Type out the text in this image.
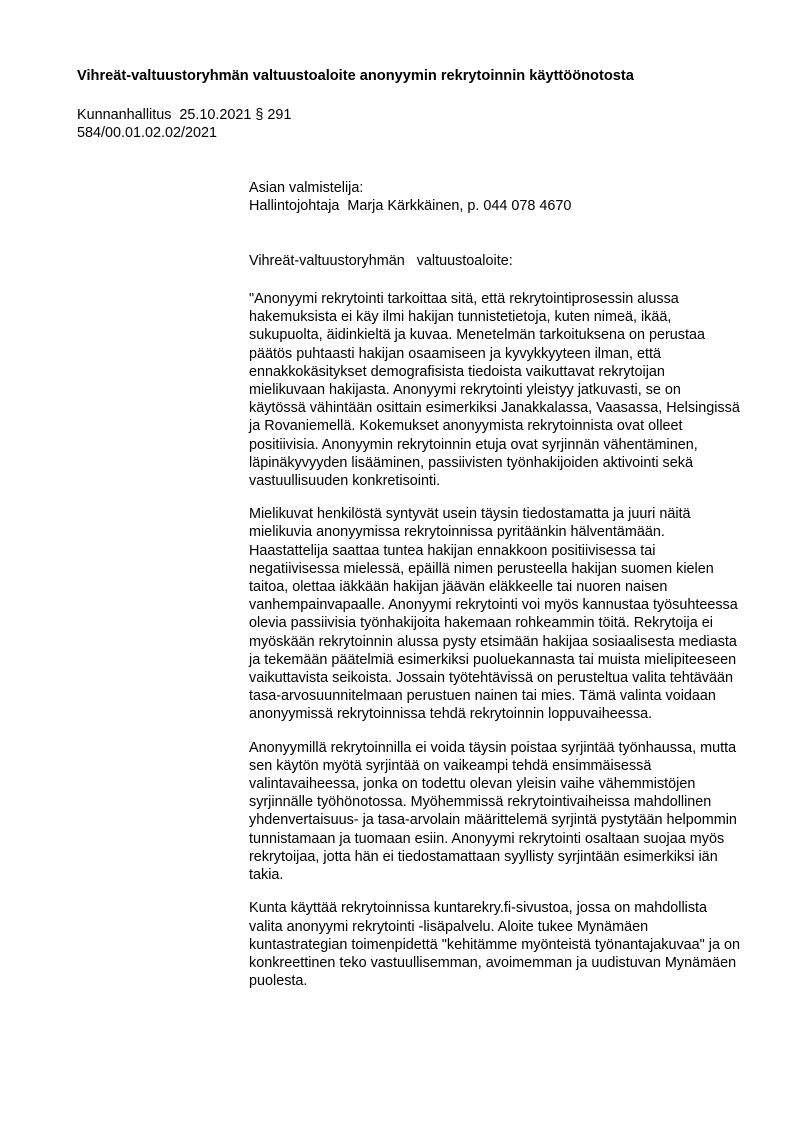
Vihreät-valtuustoryhmän valtuustoaloite anonyymin rekrytoinnin käyttöönotosta
Kunnanhallitus  25.10.2021 § 291
584/00.01.02.02/2021
Asian valmistelija:
Hallintojohtaja  Marja Kärkkäinen, p. 044 078 4670
Vihreät-valtuustoryhmän   valtuustoaloite:

"Anonyymi rekrytointi tarkoittaa sitä, että rekrytointiprosessin alussa hakemuksista ei käy ilmi hakijan tunnistetietoja, kuten nimeä, ikää, sukupuolta, äidinkieltä ja kuvaa. Menetelmän tarkoituksena on perustaa päätös puhtaasti hakijan osaamiseen ja kyvykkyyteen ilman, että ennakkokäsitykset demografisista tiedoista vaikuttavat rekrytoijan mielikuvaan hakijasta. Anonyymi rekrytointi yleistyy jatkuvasti, se on käytössä vähintään osittain esimerkiksi Janakkalassa, Vaasassa, Helsingissä ja Rovaniemellä. Kokemukset anonyymista rekrytoinnista ovat olleet positiivisia. Anonyymin rekrytoinnin etuja ovat syrjinnän vähentäminen, läpinäkyvyyden lisääminen, passiivisten työnhakijoiden aktivointi sekä vastuullisuuden konkretisointi.

Mielikuvat henkilöstä syntyvät usein täysin tiedostamatta ja juuri näitä mielikuvia anonyymissa rekrytoinnissa pyritäänkin hälventämään. Haastattelija saattaa tuntea hakijan ennakkoon positiivisessa tai negatiivisessa mielessä, epäillä nimen perusteella hakijan suomen kielen taitoa, olettaa iäkkään hakijan jäävän eläkkeelle tai nuoren naisen vanhempainvapaalle. Anonyymi rekrytointi voi myös kannustaa työsuhteessa olevia passiivisia työnhakijoita hakemaan rohkeammin töitä. Rekrytoija ei myöskään rekrytoinnin alussa pysty etsimään hakijaa sosiaalisesta mediasta ja tekemään päätelmiä esimerkiksi puoluekannasta tai muista mielipiteeseen vaikuttavista seikoista. Jossain työtehtävissä on perusteltua valita tehtävään tasa-arvosuunnitelmaan perustuen nainen tai mies. Tämä valinta voidaan anonyymissä rekrytoinnissa tehdä rekrytoinnin loppuvaiheessa.

Anonyymillä rekrytoinnilla ei voida täysin poistaa syrjintää työnhaussa, mutta sen käytön myötä syrjintää on vaikeampi tehdä ensimmäisessä valintavaiheessa, jonka on todettu olevan yleisin vaihe vähemmistöjen syrjinnälle työhönotossa. Myöhemmissä rekrytointivaiheissa mahdollinen yhdenvertaisuus- ja tasa-arvolain määrittelemä syrjintä pystytään helpommin tunnistamaan ja tuomaan esiin. Anonyymi rekrytointi osaltaan suojaa myös rekrytoijaa, jotta hän ei tiedostamattaan syyllisty syrjintään esimerkiksi iän takia.

Kunta käyttää rekrytoinnissa kuntarekry.fi-sivustoa, jossa on mahdollista valita anonyymi rekrytointi -lisäpalvelu. Aloite tukee Mynämäen kuntastrategian toimenpidettä "kehitämme myönteistä työnantajakuvaa" ja on konkreettinen teko vastuullisemman, avoimemman ja uudistuvan Mynämäen puolesta.
